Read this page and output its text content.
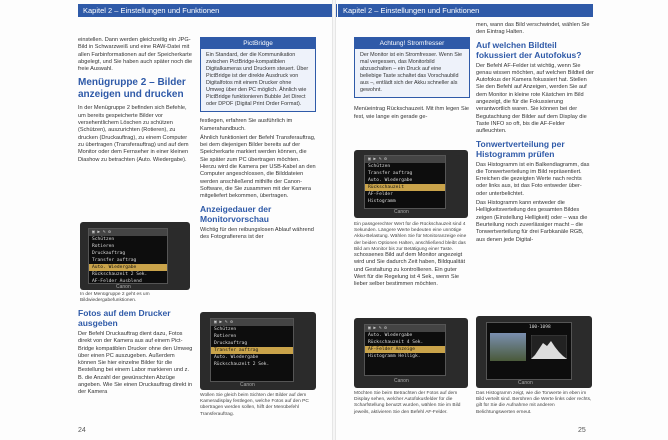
Kapitel 2 – Einstellungen und Funktionen

einstellen. Dann werden gleichzeitig ein JPG-Bild in Schwarzweiß und eine RAW-Datei mit allen Farbinformationen auf der Speicherkarte abgelegt, und Sie haben auch später noch die freie Auswahl.

Menügruppe 2 – Bilder anzeigen und drucken

In der Menügruppe 2 befinden sich Befehle, um bereits gespeicherte Bilder vor versehentlichem Löschen zu schützen (Schützen), auszurichten (Rotieren), zu drucken (Druckauftrag), zu einem Computer zu übertragen (Transferauftrag) und auf dem Monitor oder dem Fernseher in einer kleinen Diashow zu betrachten (Auto. Wiedergabe).

▣ ▶ ✎ ⚙
Schützen
Rotieren
Druckauftrag
Transfer auftrag
Auto. Wiedergabe
Rückschauzeit 2 Sek.
AF-Felder Ausblend
Canon
In der Menügruppe 2 geht es um Bildwiedergabefunktionen.
Fotos auf dem Drucker ausgeben

Der Befehl Druckauftrag dient dazu, Fotos direkt von der Kamera aus auf einem Pict-Bridge kompatiblen Drucker ohne den Umweg über einen PC auszugeben. Außerdem können Sie hier einzelne Bilder für die Bestellung bei einem Labor markieren und z. B. die Anzahl der gewünschten Abzüge angeben. Wie Sie einen Druckauftrag direkt in der Kamera

PictBridge
Ein Standard, der die Kommunikation zwischen PictBridge-kompatiblen Digitalkameras und Druckern steuert. Über PictBridge ist der direkte Ausdruck von Digitalfotos mit einem Drucker ohne Umweg über den PC möglich. Ähnlich wie PictBridge funktionieren Bubble Jet Direct oder DPOF (Digital Print Order Format).

festlegen, erfahren Sie ausführlich im Kamerahandbuch.

Ähnlich funktioniert der Befehl Transferauftrag, bei dem diejenigen Bilder bereits auf der Speicherkarte markiert werden können, die Sie später zum PC übertragen möchten. Hierzu wird die Kamera per USB-Kabel an den Computer angeschlossen, die Bilddateien werden anschließend mithilfe der Canon-Software, die Sie zusammen mit der Kamera mitgeliefert bekommen, übertragen.

Anzeigedauer der Monitorvorschau

Wichtig für den reibungslosen Ablauf während des Fotografierens ist der

▣ ▶ ✎ ⚙
Schützen
Rotieren
Druckauftrag
Transfer auftrag
Auto. Wiedergabe
Rückschauzeit 2 Sek.
Canon
Wollen Sie gleich beim Sichten der Bilder auf dem Kameradisplay festlegen, welche Fotos auf den PC übertragen werden sollen, hilft der Menübefehl Transferauftrag.
24
Kapitel 2 – Einstellungen und Funktionen
Achtung! Stromfresser
Der Monitor ist ein Stromfresser. Wenn Sie mal vergessen, das Monitorbild abzuschalten – ein Druck auf eine beliebige Taste schaltet das Vorschaubild aus –, entlädt sich der Akku schneller als gewohnt.

Menüeintrag Rückschauzeit. Mit ihm legen Sie fest, wie lange ein gerade ge-

▣ ▶ ✎ ⚙
Schützen
Transfer auftrag
Auto. Wiedergabe
Rückschauzeit
AF-Felder
Histogramm
Canon
Ein passgerechter Wert für die Rückschauzeit sind 4 Sekunden. Längere Werte bedeuten eine unnötige Akku-Belastung. Wählen Sie für Monitoranzeige eine der beiden Optionen Halten, anschließend bleibt das Bild am Monitor bis zur Betätigung einer Taste.

schossenes Bild auf dem Monitor angezeigt wird und Sie dadurch Zeit haben, Bildqualität und Gestaltung zu kontrollieren. Ein guter Wert für die Regelung ist 4 Sek., wenn Sie lieber selber bestimmen möchten.

▣ ▶ ✎ ⚙
Auto. Wiedergabe
Rückschauzeit 4 Sek.
AF-Felder Anzeige
Histogramm Helligk.
Canon
Möchten Sie beim Betrachten der Fotos auf dem Display sehen, welcher Autofokusfelder für die Scharfstellung benutzt wurden, wählen Sie im Bild jeweils, aktivieren Sie den Befehl AF-Felder.

men, wann das Bild verschwindet, wählen Sie den Eintrag Halten.

Auf welchen Bildteil fokussiert der Autofokus?

Der Befehl AF-Felder ist wichtig, wenn Sie genau wissen möchten, auf welchen Bildteil der Autofokus der Kamera fokussiert hat. Stellen Sie den Befehl auf Anzeigen, werden Sie auf dem Monitor in kleine rote Kästchen im Bild angezeigt, die für die Fokussierung verantwortlich waren. Sie können bei der Begutachtung der Bilder auf dem Display die Taste INFO so oft, bis die AF-Felder aufleuchten.

Tonwertverteilung per Histogramm prüfen

Das Histogramm ist ein Balkendiagramm, das die Tonwertverteilung im Bild repräsentiert. Erreichen die gezeigten Werte nach rechts oder links aus, ist das Foto entweder über- oder unterbelichtet.

Das Histogramm kann entweder die Helligkeitsverteilung des gesamten Bildes zeigen (Einstellung Helligkeit) oder – was die Beurteilung noch zuverlässiger macht – die Tonwertverteilung für drei Farbkanäle RGB, aus denen jede Digital-

100-1098
Canon
Das Histogramm zeigt, wie die Tonwerte im eben im Bild verteilt sind. Berühren die Werte links oder rechts, gilt für Sie die Aufnahme mit anderen Belichtungswerten erneut.
25
